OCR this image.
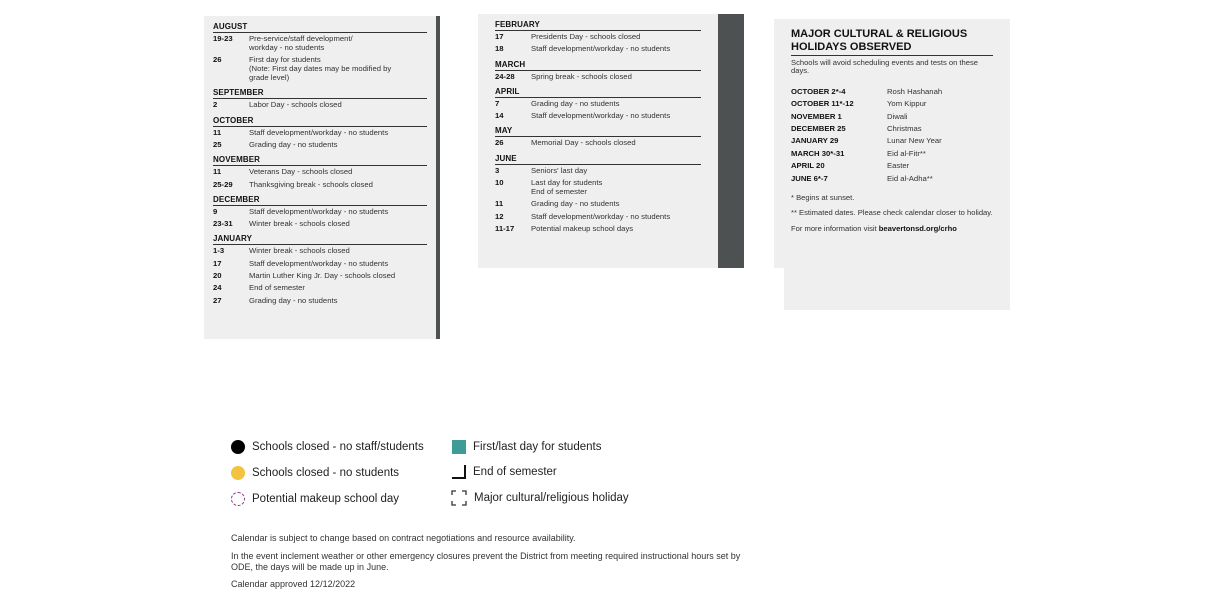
AUGUST
19-23	Pre-service/staff development/
workday - no students
26	First day for students
(Note: First day dates may be modified by
grade level)
SEPTEMBER
2	Labor Day - schools closed
OCTOBER
11	Staff development/workday - no students
25	Grading day - no students
NOVEMBER
11	Veterans Day - schools closed
25-29	Thanksgiving break - schools closed
DECEMBER
9	Staff development/workday - no students
23-31	Winter break - schools closed
JANUARY
1-3	Winter break - schools closed
17	Staff development/workday - no students
20	Martin Luther King Jr. Day - schools closed
24	End of semester
27	Grading day - no students
FEBRUARY
17	Presidents Day - schools closed
18	Staff development/workday - no students
MARCH
24-28	Spring break - schools closed
APRIL
7	Grading day - no students
14	Staff development/workday - no students
MAY
26	Memorial Day - schools closed
JUNE
3	Seniors' last day
10	Last day for students
End of semester
11	Grading day - no students
12	Staff development/workday - no students
11-17	Potential makeup school days
MAJOR CULTURAL & RELIGIOUS HOLIDAYS OBSERVED
Schools will avoid scheduling events and tests on these days.
OCTOBER 2*-4	Rosh Hashanah
OCTOBER 11*-12	Yom Kippur
NOVEMBER 1	Diwali
DECEMBER 25	Christmas
JANUARY 29	Lunar New Year
MARCH 30*-31	Eid al-Fitr**
APRIL 20	Easter
JUNE 6*-7	Eid al-Adha**
* Begins at sunset.
** Estimated dates. Please check calendar closer to holiday.
For more information visit beavertonsd.org/crho
Schools closed - no staff/students
Schools closed - no students
Potential makeup school day
First/last day for students
End of semester
Major cultural/religious holiday
Calendar is subject to change based on contract negotiations and resource availability.
In the event inclement weather or other emergency closures prevent the District from meeting required instructional hours set by ODE, the days will be made up in June.
Calendar approved 12/12/2022
